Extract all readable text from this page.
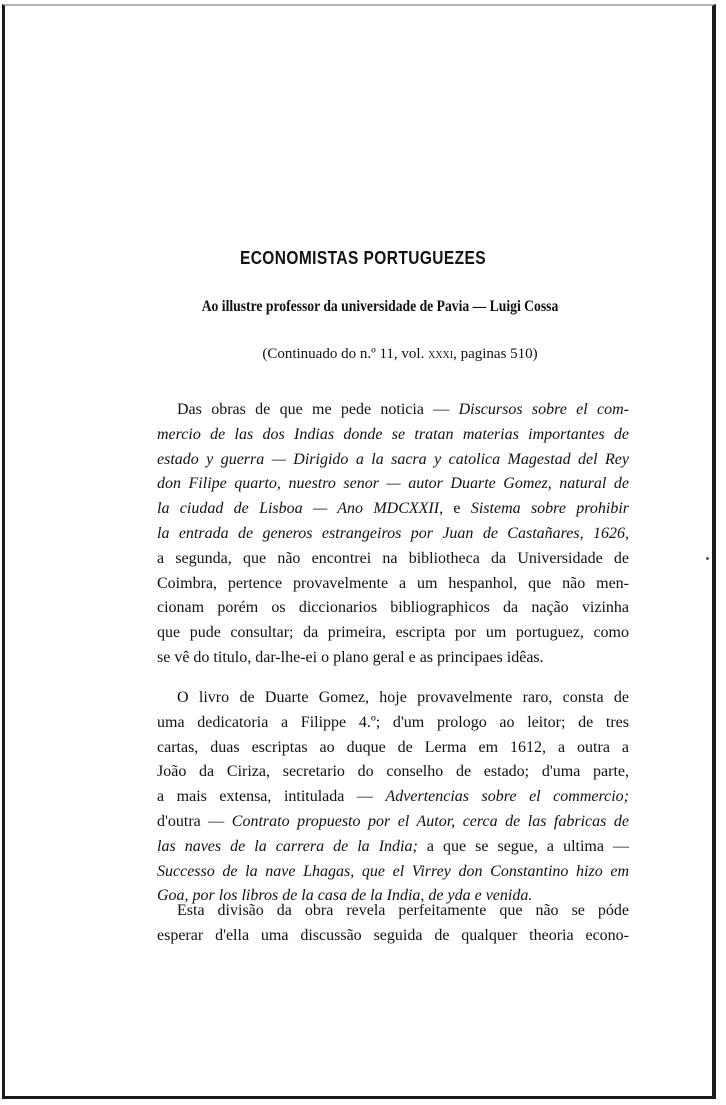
ECONOMISTAS PORTUGUEZES
Ao illustre professor da universidade de Pavia — Luigi Cossa
(Continuado do n.º 11, vol. xxxi, paginas 510)
Das obras de que me pede noticia — Discursos sobre el com-
mercio de las dos Indias donde se tratan materias importantes de
estado y guerra — Dirigido a la sacra y catolica Magestad del Rey
don Filipe quarto, nuestro senor — autor Duarte Gomez, natural de
la ciudad de Lisboa — Ano MDCXXII, e Sistema sobre prohibir
la entrada de generos estrangeiros por Juan de Castañares, 1626,
a segunda, que não encontrei na bibliotheca da Universidade de
Coimbra, pertence provavelmente a um hespanhol, que não men-
cionam porém os diccionarios bibliographicos da nação vizinha
que pude consultar; da primeira, escripta por um portuguez, como
se vê do titulo, dar-lhe-ei o plano geral e as principaes idêas.
O livro de Duarte Gomez, hoje provavelmente raro, consta de
uma dedicatoria a Filippe 4.º; d'um prologo ao leitor; de tres
cartas, duas escriptas ao duque de Lerma em 1612, a outra a
João da Ciriza, secretario do conselho de estado; d'uma parte,
a mais extensa, intitulada — Advertencias sobre el commercio;
d'outra — Contrato propuesto por el Autor, cerca de las fabricas de
las naves de la carrera de la India; a que se segue, a ultima —
Successo de la nave Lhagas, que el Virrey don Constantino hizo em
Goa, por los libros de la casa de la India, de yda e venida.
Esta divisão da obra revela perfeitamente que não se póde
esperar d'ella uma discussão seguida de qualquer theoria econo-
